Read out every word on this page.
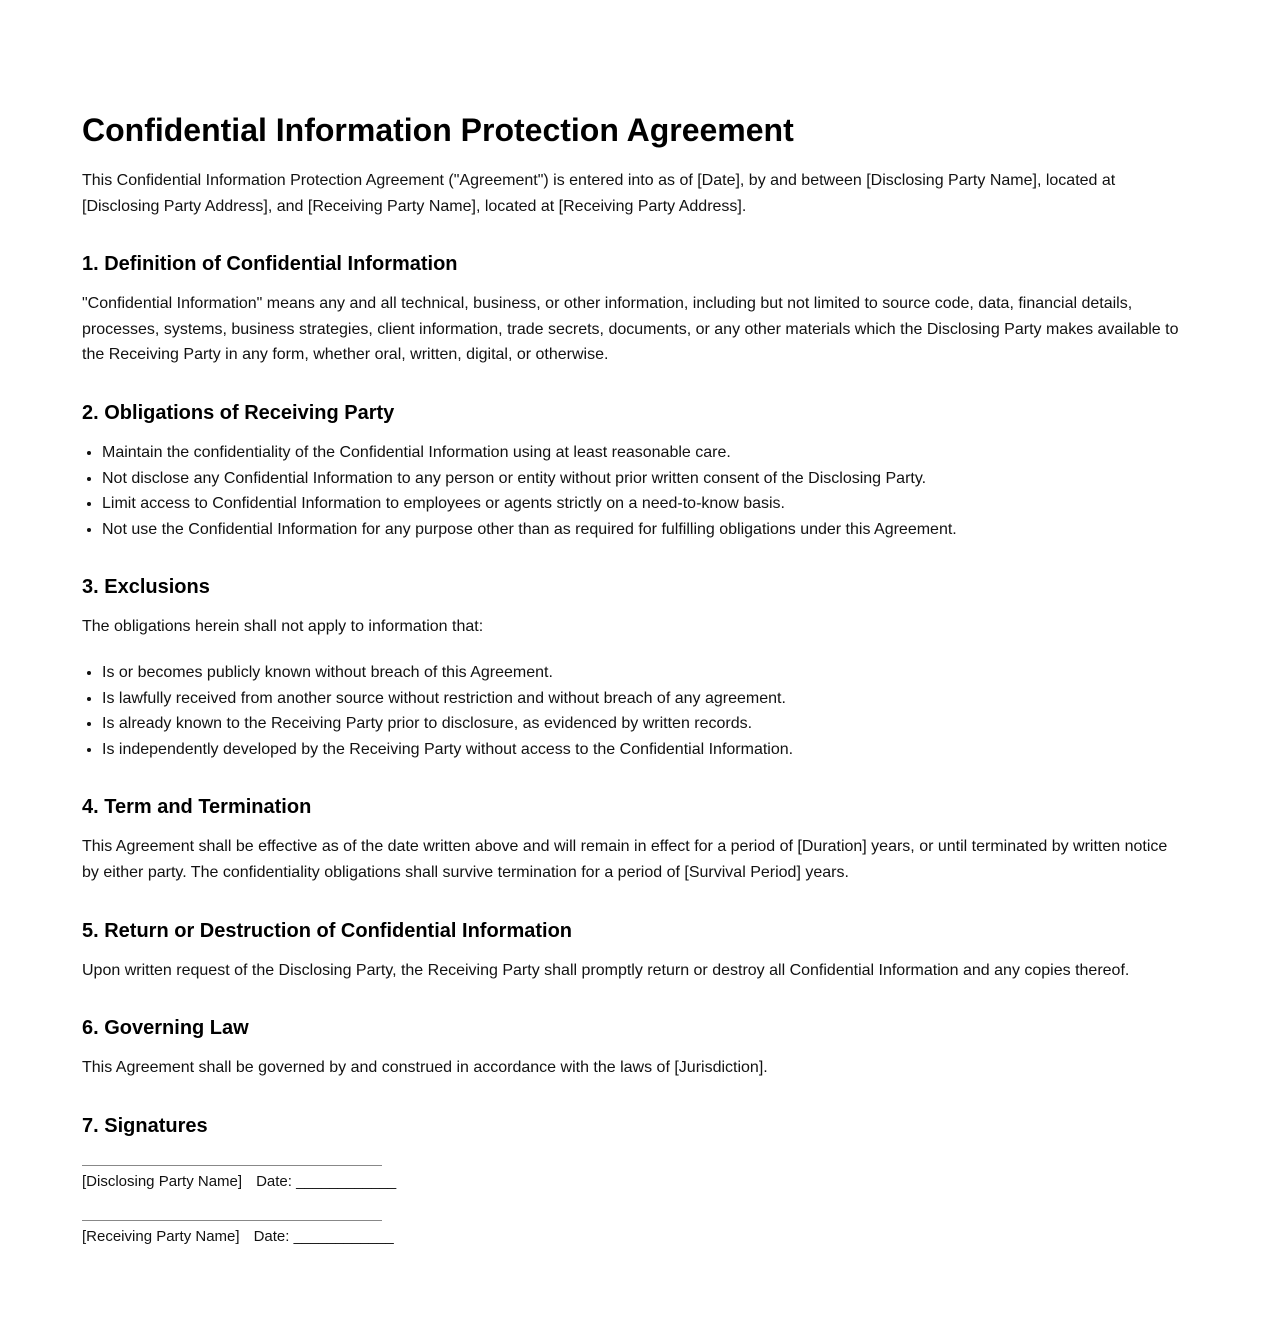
Confidential Information Protection Agreement

This Confidential Information Protection Agreement ("Agreement") is entered into as of [Date], by and between [Disclosing Party Name], located at [Disclosing Party Address], and [Receiving Party Name], located at [Receiving Party Address].

1. Definition of Confidential Information

"Confidential Information" means any and all technical, business, or other information, including but not limited to source code, data, financial details, processes, systems, business strategies, client information, trade secrets, documents, or any other materials which the Disclosing Party makes available to the Receiving Party in any form, whether oral, written, digital, or otherwise.

2. Obligations of Receiving Party
• Maintain the confidentiality of the Confidential Information using at least reasonable care.
• Not disclose any Confidential Information to any person or entity without prior written consent of the Disclosing Party.
• Limit access to Confidential Information to employees or agents strictly on a need-to-know basis.
• Not use the Confidential Information for any purpose other than as required for fulfilling obligations under this Agreement.
3. Exclusions

The obligations herein shall not apply to information that:

• Is or becomes publicly known without breach of this Agreement.
• Is lawfully received from another source without restriction and without breach of any agreement.
• Is already known to the Receiving Party prior to disclosure, as evidenced by written records.
• Is independently developed by the Receiving Party without access to the Confidential Information.
4. Term and Termination

This Agreement shall be effective as of the date written above and will remain in effect for a period of [Duration] years, or until terminated by written notice by either party. The confidentiality obligations shall survive termination for a period of [Survival Period] years.

5. Return or Destruction of Confidential Information

Upon written request of the Disclosing Party, the Receiving Party shall promptly return or destroy all Confidential Information and any copies thereof.

6. Governing Law

This Agreement shall be governed by and construed in accordance with the laws of [Jurisdiction].

7. Signatures
[Disclosing Party Name] Date: ____________
[Receiving Party Name] Date: ____________
